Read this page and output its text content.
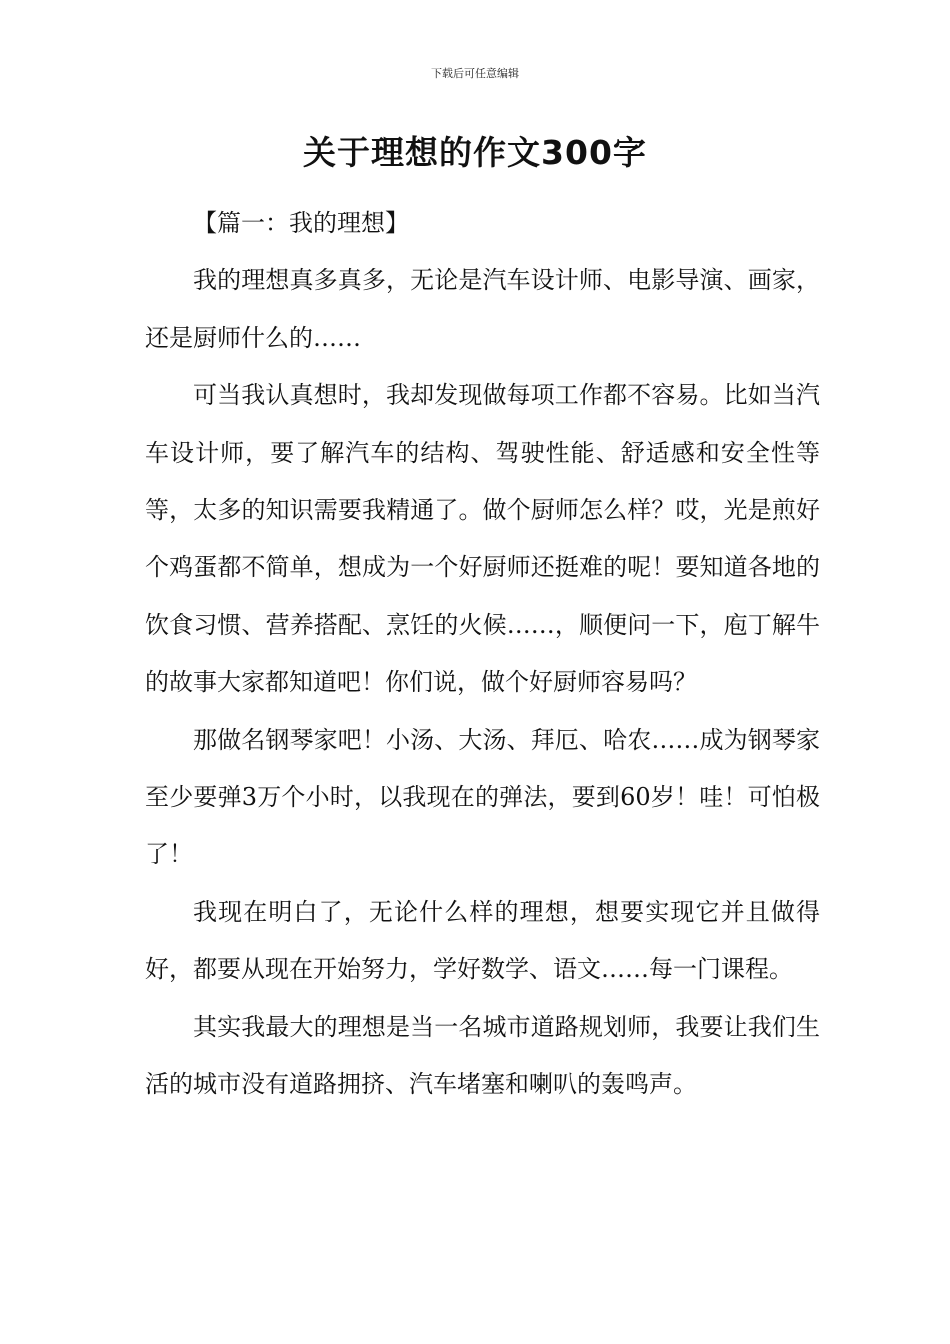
下载后可任意编辑
关于理想的作文300字

【篇一：我的理想】

我的理想真多真多，无论是汽车设计师、电影导演、画家，还是厨师什么的……

可当我认真想时，我却发现做每项工作都不容易。比如当汽车设计师，要了解汽车的结构、驾驶性能、舒适感和安全性等等，太多的知识需要我精通了。做个厨师怎么样？哎，光是煎好个鸡蛋都不简单，想成为一个好厨师还挺难的呢！要知道各地的饮食习惯、营养搭配、烹饪的火候……，顺便问一下，庖丁解牛的故事大家都知道吧！你们说，做个好厨师容易吗？

那做名钢琴家吧！小汤、大汤、拜厄、哈农……成为钢琴家至少要弹3万个小时，以我现在的弹法，要到60岁！哇！可怕极了！

我现在明白了，无论什么样的理想，想要实现它并且做得好，都要从现在开始努力，学好数学、语文……每一门课程。

其实我最大的理想是当一名城市道路规划师，我要让我们生活的城市没有道路拥挤、汽车堵塞和喇叭的轰鸣声。
